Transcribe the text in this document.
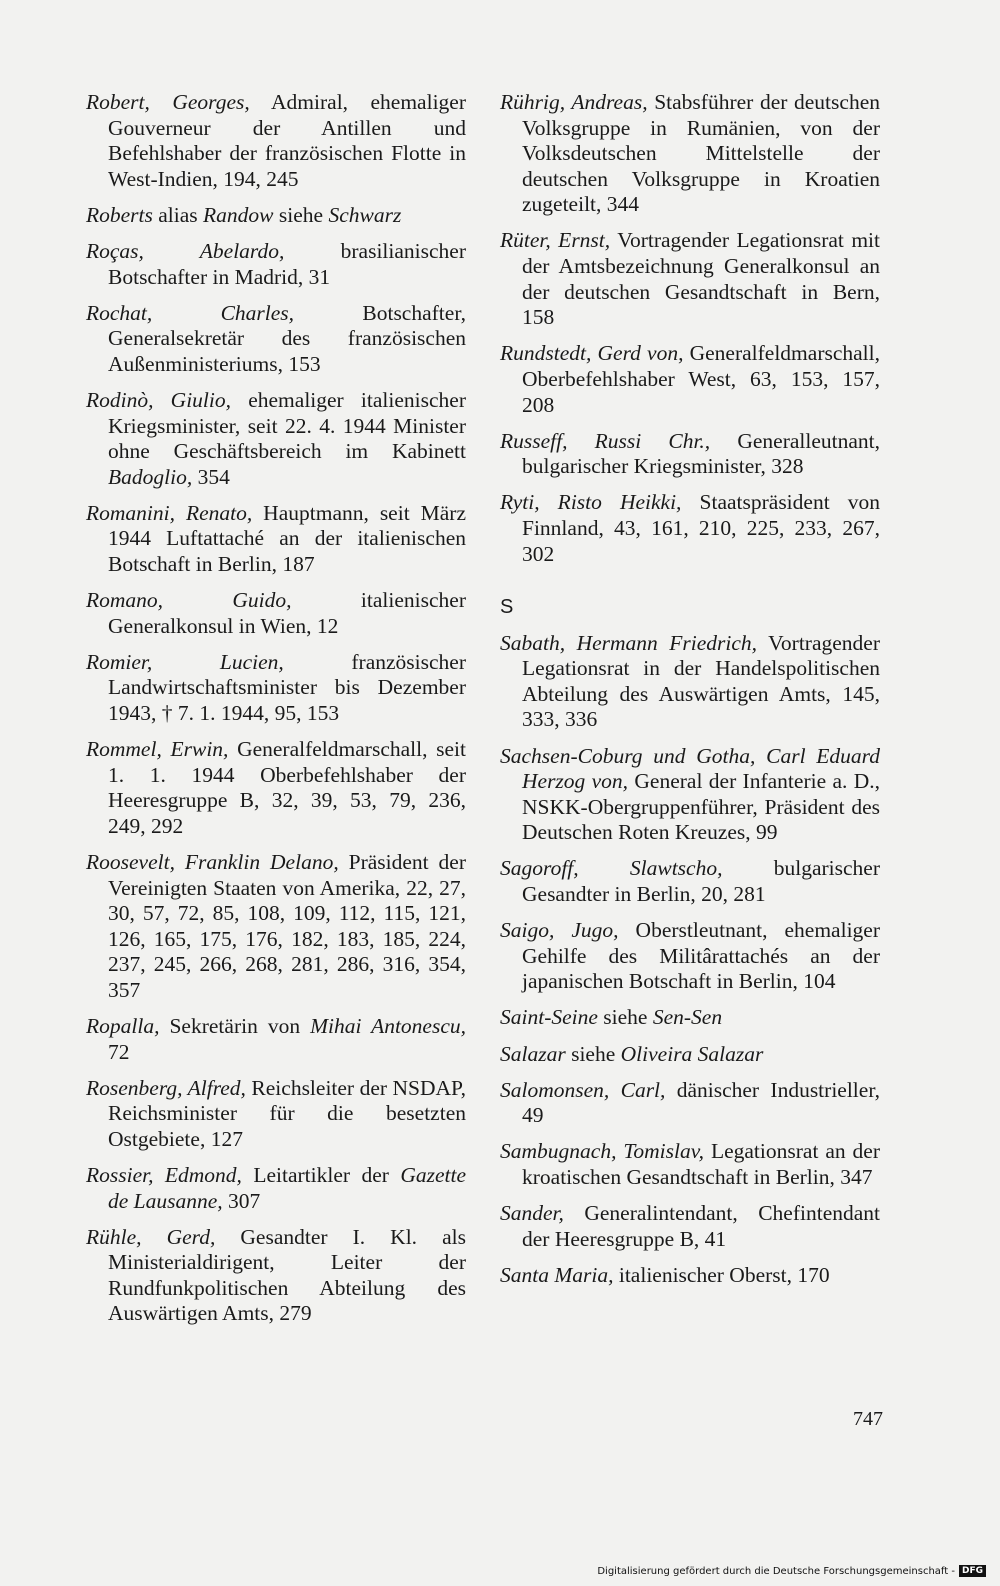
Robert, Georges, Admiral, ehemaliger Gouverneur der Antillen und Befehlshaber der französischen Flotte in West-Indien, 194, 245

Roberts alias Randow siehe Schwarz

Roças, Abelardo, brasilianischer Botschafter in Madrid, 31

Rochat, Charles, Botschafter, Generalsekretär des französischen Außenministeriums, 153

Rodinò, Giulio, ehemaliger italienischer Kriegsminister, seit 22. 4. 1944 Minister ohne Geschäftsbereich im Kabinett Badoglio, 354

Romanini, Renato, Hauptmann, seit März 1944 Luftattaché an der italienischen Botschaft in Berlin, 187

Romano, Guido, italienischer Generalkonsul in Wien, 12

Romier, Lucien, französischer Landwirtschaftsminister bis Dezember 1943, † 7. 1. 1944, 95, 153

Rommel, Erwin, Generalfeldmarschall, seit 1. 1. 1944 Oberbefehlshaber der Heeresgruppe B, 32, 39, 53, 79, 236, 249, 292

Roosevelt, Franklin Delano, Präsident der Vereinigten Staaten von Amerika, 22, 27, 30, 57, 72, 85, 108, 109, 112, 115, 121, 126, 165, 175, 176, 182, 183, 185, 224, 237, 245, 266, 268, 281, 286, 316, 354, 357

Ropalla, Sekretärin von Mihai Antonescu, 72

Rosenberg, Alfred, Reichsleiter der NSDAP, Reichsminister für die besetzten Ostgebiete, 127

Rossier, Edmond, Leitartikler der Gazette de Lausanne, 307

Rühle, Gerd, Gesandter I. Kl. als Ministerialdirigent, Leiter der Rundfunkpolitischen Abteilung des Auswärtigen Amts, 279

Rührig, Andreas, Stabsführer der deutschen Volksgruppe in Rumänien, von der Volksdeutschen Mittelstelle der deutschen Volksgruppe in Kroatien zugeteilt, 344

Rüter, Ernst, Vortragender Legationsrat mit der Amtsbezeichnung Generalkonsul an der deutschen Gesandtschaft in Bern, 158

Rundstedt, Gerd von, Generalfeldmarschall, Oberbefehlshaber West, 63, 153, 157, 208

Russeff, Russi Chr., Generalleutnant, bulgarischer Kriegsminister, 328

Ryti, Risto Heikki, Staatspräsident von Finnland, 43, 161, 210, 225, 233, 267, 302

S

Sabath, Hermann Friedrich, Vortragender Legationsrat in der Handelspolitischen Abteilung des Auswärtigen Amts, 145, 333, 336

Sachsen-Coburg und Gotha, Carl Eduard Herzog von, General der Infanterie a. D., NSKK-Obergruppenführer, Präsident des Deutschen Roten Kreuzes, 99

Sagoroff, Slawtscho, bulgarischer Gesandter in Berlin, 20, 281

Saigo, Jugo, Oberstleutnant, ehemaliger Gehilfe des Militârattachés an der japanischen Botschaft in Berlin, 104

Saint-Seine siehe Sen-Sen

Salazar siehe Oliveira Salazar

Salomonsen, Carl, dänischer Industrieller, 49

Sambugnach, Tomislav, Legationsrat an der kroatischen Gesandtschaft in Berlin, 347

Sander, Generalintendant, Chefintendant der Heeresgruppe B, 41

Santa Maria, italienischer Oberst, 170

747
Digitalisierung gefördert durch die Deutsche Forschungsgemeinschaft - DFG
